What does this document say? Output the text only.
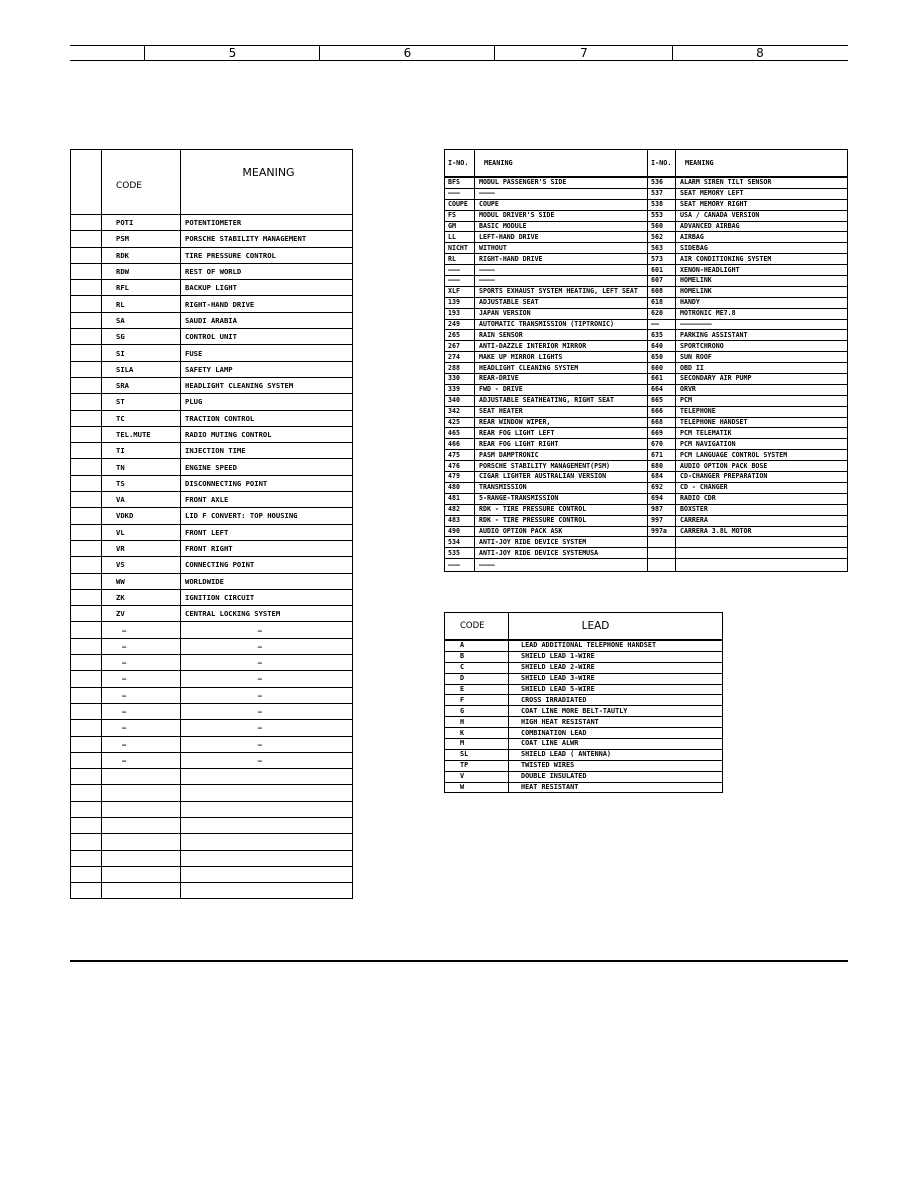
5	6	7	8
	CODE	MEANING
	POTI	POTENTIOMETER
	PSM	PORSCHE STABILITY MANAGEMENT
	RDK	TIRE PRESSURE CONTROL
	RDW	REST OF WORLD
	RFL	BACKUP LIGHT
	RL	RIGHT-HAND DRIVE
	SA	SAUDI ARABIA
	SG	CONTROL UNIT
	SI	FUSE
	SILA	SAFETY LAMP
	SRA	HEADLIGHT CLEANING SYSTEM
	ST	PLUG
	TC	TRACTION CONTROL
	TEL.MUTE	RADIO MUTING CONTROL
	TI	INJECTION TIME
	TN	ENGINE SPEED
	TS	DISCONNECTING POINT
	VA	FRONT AXLE
	VDKD	LID F CONVERT: TOP HOUSING
	VL	FRONT LEFT
	VR	FRONT RIGHT
	VS	CONNECTING POINT
	WW	WORLDWIDE
	ZK	IGNITION CIRCUIT
	ZV	CENTRAL LOCKING SYSTEM
	—	—
	—	—
	—	—
	—	—
	—	—
	—	—
	—	—
	—	—
	—	—

I-NO.	MEANING	I-NO.	MEANING
BFS	MODUL PASSENGER'S SIDE	536	ALARM SIREN TILT SENSOR
———	————	537	SEAT MEMORY LEFT
COUPE	COUPE	538	SEAT MEMORY RIGHT
FS	MODUL DRIVER'S SIDE	553	USA / CANADA VERSION
GM	BASIC MODULE	560	ADVANCED AIRBAG
LL	LEFT-HAND DRIVE	562	AIRBAG
NICHT	WITHOUT	563	SIDEBAG
RL	RIGHT-HAND DRIVE	573	AIR CONDITIONING SYSTEM
———	————	601	XENON-HEADLIGHT
———	————	607	HOMELINK
XLF	SPORTS EXHAUST SYSTEM HEATING, LEFT SEAT	608	HOMELINK
139	ADJUSTABLE SEAT	618	HANDY
193	JAPAN VERSION	620	MOTRONIC ME7.8
249	AUTOMATIC TRANSMISSION (TIPTRONIC)	——	————————
265	RAIN SENSOR	635	PARKING ASSISTANT
267	ANTI-DAZZLE INTERIOR MIRROR	640	SPORTCHRONO
274	MAKE UP MIRROR LIGHTS	650	SUN ROOF
288	HEADLIGHT CLEANING SYSTEM	660	OBD II
330	REAR-DRIVE	661	SECONDARY AIR PUMP
339	FWD - DRIVE	664	ORVR
340	ADJUSTABLE SEATHEATING, RIGHT SEAT	665	PCM
342	SEAT HEATER	666	TELEPHONE
425	REAR WINDOW WIPER,	668	TELEPHONE HANDSET
465	REAR FOG LIGHT LEFT	669	PCM TELEMATIK
466	REAR FOG LIGHT RIGHT	670	PCM NAVIGATION
475	PASM DAMPTRONIC	671	PCM LANGUAGE CONTROL SYSTEM
476	PORSCHE STABILITY MANAGEMENT(PSM)	680	AUDIO OPTION PACK BOSE
479	CIGAR LIGHTER AUSTRALIAN VERSION	684	CD-CHANGER PREPARATION
480	TRANSMISSION	692	CD - CHANGER
481	5-RANGE-TRANSMISSION	694	RADIO CDR
482	RDK - TIRE PRESSURE CONTROL	987	BOXSTER
483	RDK - TIRE PRESSURE CONTROL	997	CARRERA
490	AUDIO OPTION PACK ASK	997a	CARRERA 3.8L MOTOR
534	ANTI-JOY RIDE DEVICE SYSTEM		
535	ANTI-JOY RIDE DEVICE SYSTEMUSA		
———	————		
CODE	LEAD
A	LEAD ADDITIONAL TELEPHONE HANDSET
B	SHIELD LEAD 1-WIRE
C	SHIELD LEAD 2-WIRE
D	SHIELD LEAD 3-WIRE
E	SHIELD LEAD 5-WIRE
F	CROSS IRRADIATED
G	COAT LINE MORE BELT-TAUTLY
H	HIGH HEAT RESISTANT
K	COMBINATION LEAD
M	COAT LINE ALWR
SL	SHIELD LEAD ( ANTENNA)
TP	TWISTED WIRES
V	DOUBLE INSULATED
W	HEAT RESISTANT
